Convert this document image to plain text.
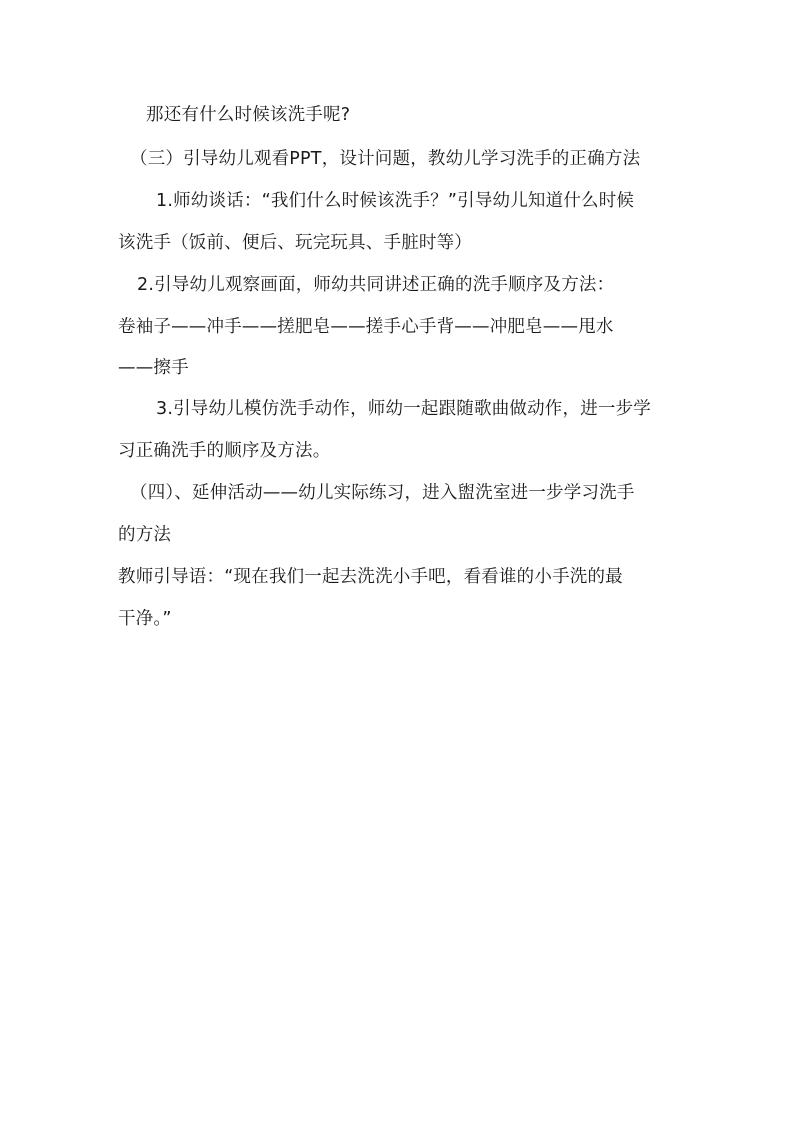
那还有什么时候该洗手呢?
（三）引导幼儿观看PPT，设计问题，教幼儿学习洗手的正确方法
1.师幼谈话：“我们什么时候该洗手？”引导幼儿知道什么时候
该洗手（饭前、便后、玩完玩具、手脏时等）
2.引导幼儿观察画面，师幼共同讲述正确的洗手顺序及方法：
卷袖子——冲手——搓肥皂——搓手心手背——冲肥皂——甩水
——擦手
3.引导幼儿模仿洗手动作，师幼一起跟随歌曲做动作，进一步学
习正确洗手的顺序及方法。
（四）、延伸活动——幼儿实际练习，进入盥洗室进一步学习洗手
的方法
教师引导语：“现在我们一起去洗洗小手吧，看看谁的小手洗的最
干净。”
